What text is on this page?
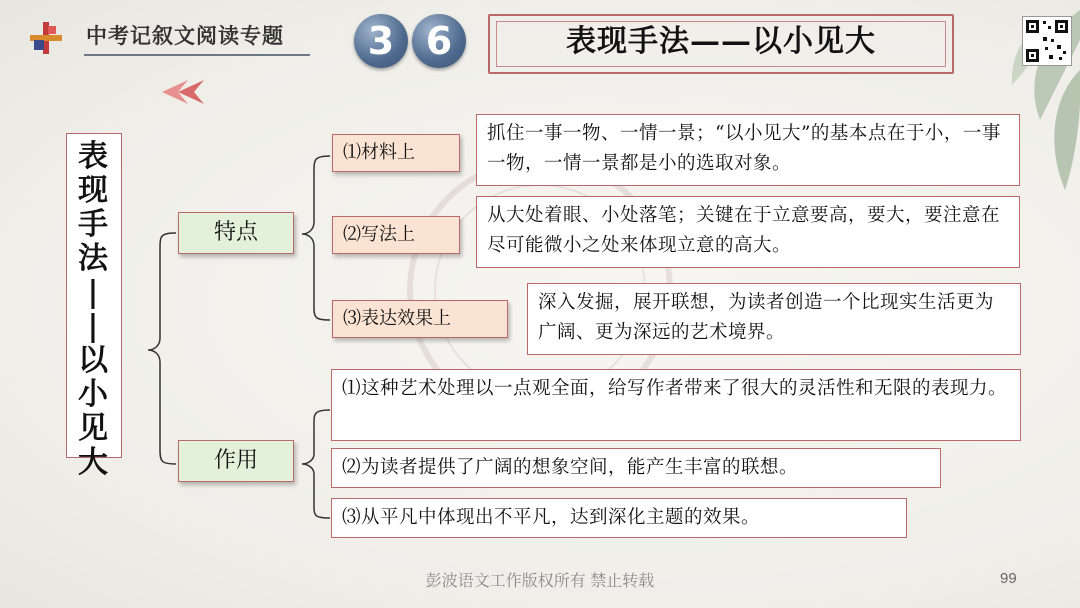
中考记叙文阅读专题	3 6	表现手法——以小见大
表
现
手
法
|
|
以
小
见
大
特点
⑴材料上
抓住一事一物、一情一景；“以小见大”的基本点在于小，一事一物，一情一景都是小的选取对象。
⑵写法上
从大处着眼、小处落笔；关键在于立意要高，要大，要注意在尽可能微小之处来体现立意的高大。
⑶表达效果上
深入发掘，展开联想，为读者创造一个比现实生活更为广阔、更为深远的艺术境界。
作用
⑴这种艺术处理以一点观全面，给写作者带来了很大的灵活性和无限的表现力。
⑵为读者提供了广阔的想象空间，能产生丰富的联想。
⑶从平凡中体现出不平凡，达到深化主题的效果。
彭波语文工作版权所有 禁止转载	99
